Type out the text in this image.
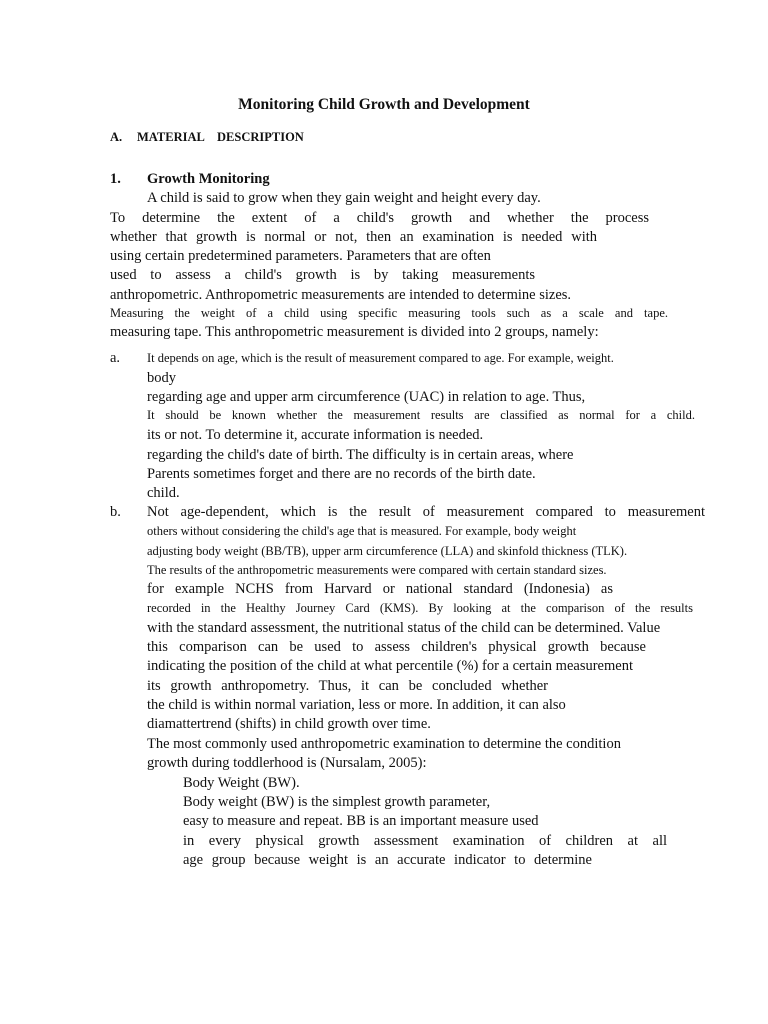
Monitoring Child Growth and Development
A. MATERIAL DESCRIPTION
1. Growth Monitoring
A child is said to grow when they gain weight and height every day.
To determine the extent of a child's growth and whether the process
whether that growth is normal or not, then an examination is needed with
using certain predetermined parameters. Parameters that are often
used to assess a child's growth is by taking measurements
anthropometric. Anthropometric measurements are intended to determine sizes.
Measuring the weight of a child using specific measuring tools such as a scale and tape.
measuring tape. This anthropometric measurement is divided into 2 groups, namely:
a. It depends on age, which is the result of measurement compared to age. For example, weight.
body
regarding age and upper arm circumference (UAC) in relation to age. Thus,
It should be known whether the measurement results are classified as normal for a child.
its or not. To determine it, accurate information is needed.
regarding the child's date of birth. The difficulty is in certain areas, where
Parents sometimes forget and there are no records of the birth date.
child.
b. Not age-dependent, which is the result of measurement compared to measurement
others without considering the child's age that is measured. For example, body weight
adjusting body weight (BB/TB), upper arm circumference (LLA) and skinfold thickness (TLK).
The results of the anthropometric measurements were compared with certain standard sizes.
for example NCHS from Harvard or national standard (Indonesia) as
recorded in the Healthy Journey Card (KMS). By looking at the comparison of the results
with the standard assessment, the nutritional status of the child can be determined. Value
this comparison can be used to assess children's physical growth because
indicating the position of the child at what percentile (%) for a certain measurement
its growth anthropometry. Thus, it can be concluded whether
the child is within normal variation, less or more. In addition, it can also
diamattertrend (shifts) in child growth over time.
The most commonly used anthropometric examination to determine the condition
growth during toddlerhood is (Nursalam, 2005):
Body Weight (BW).
Body weight (BW) is the simplest growth parameter,
easy to measure and repeat. BB is an important measure used
in every physical growth assessment examination of children at all
age group because weight is an accurate indicator to determine
